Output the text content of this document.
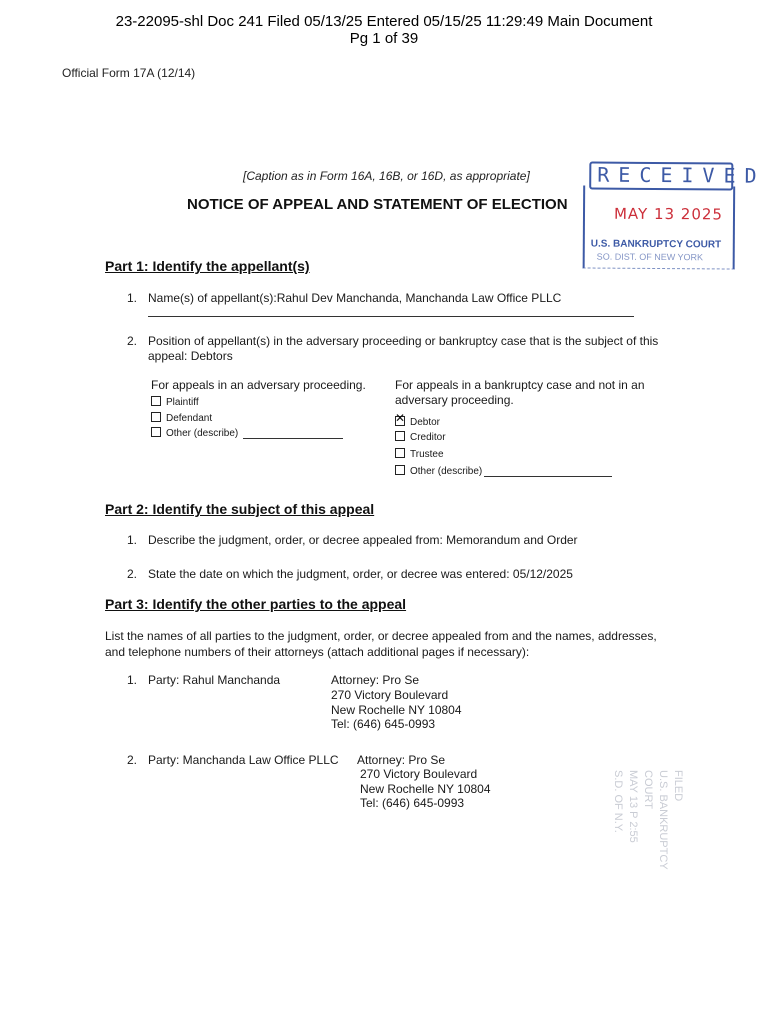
23-22095-shl Doc 241 Filed 05/13/25 Entered 05/15/25 11:29:49 Main Document
Pg 1 of 39
Official Form 17A (12/14)
[Caption as in Form 16A, 16B, or 16D, as appropriate]
NOTICE OF APPEAL AND STATEMENT OF ELECTION
RECEIVED
MAY 13 2025
U.S. BANKRUPTCY COURT
SO. DIST. OF NEW YORK
Part 1: Identify the appellant(s)
1. Name(s) of appellant(s):Rahul Dev Manchanda, Manchanda Law Office PLLC
2. Position of appellant(s) in the adversary proceeding or bankruptcy case that is the subject of this
appeal: Debtors
For appeals in an adversary proceeding.
Plaintiff
Defendant
Other (describe)
For appeals in a bankruptcy case and not in an
adversary proceeding.
✕Debtor
Creditor
Trustee
Other (describe)
Part 2: Identify the subject of this appeal
1. Describe the judgment, order, or decree appealed from: Memorandum and Order
2. State the date on which the judgment, order, or decree was entered: 05/12/2025
Part 3: Identify the other parties to the appeal
List the names of all parties to the judgment, order, or decree appealed from and the names, addresses,
and telephone numbers of their attorneys (attach additional pages if necessary):
1. Party: Rahul Manchanda	Attorney: Pro Se
270 Victory Boulevard
New Rochelle NY 10804
Tel: (646) 645-0993
2. Party: Manchanda Law Office PLLC Attorney: Pro Se
270 Victory Boulevard
New Rochelle NY 10804
Tel: (646) 645-0993
FILED
U.S. BANKRUPTCY COURT
MAY 13 P 2:55
S.D. OF N.Y.
